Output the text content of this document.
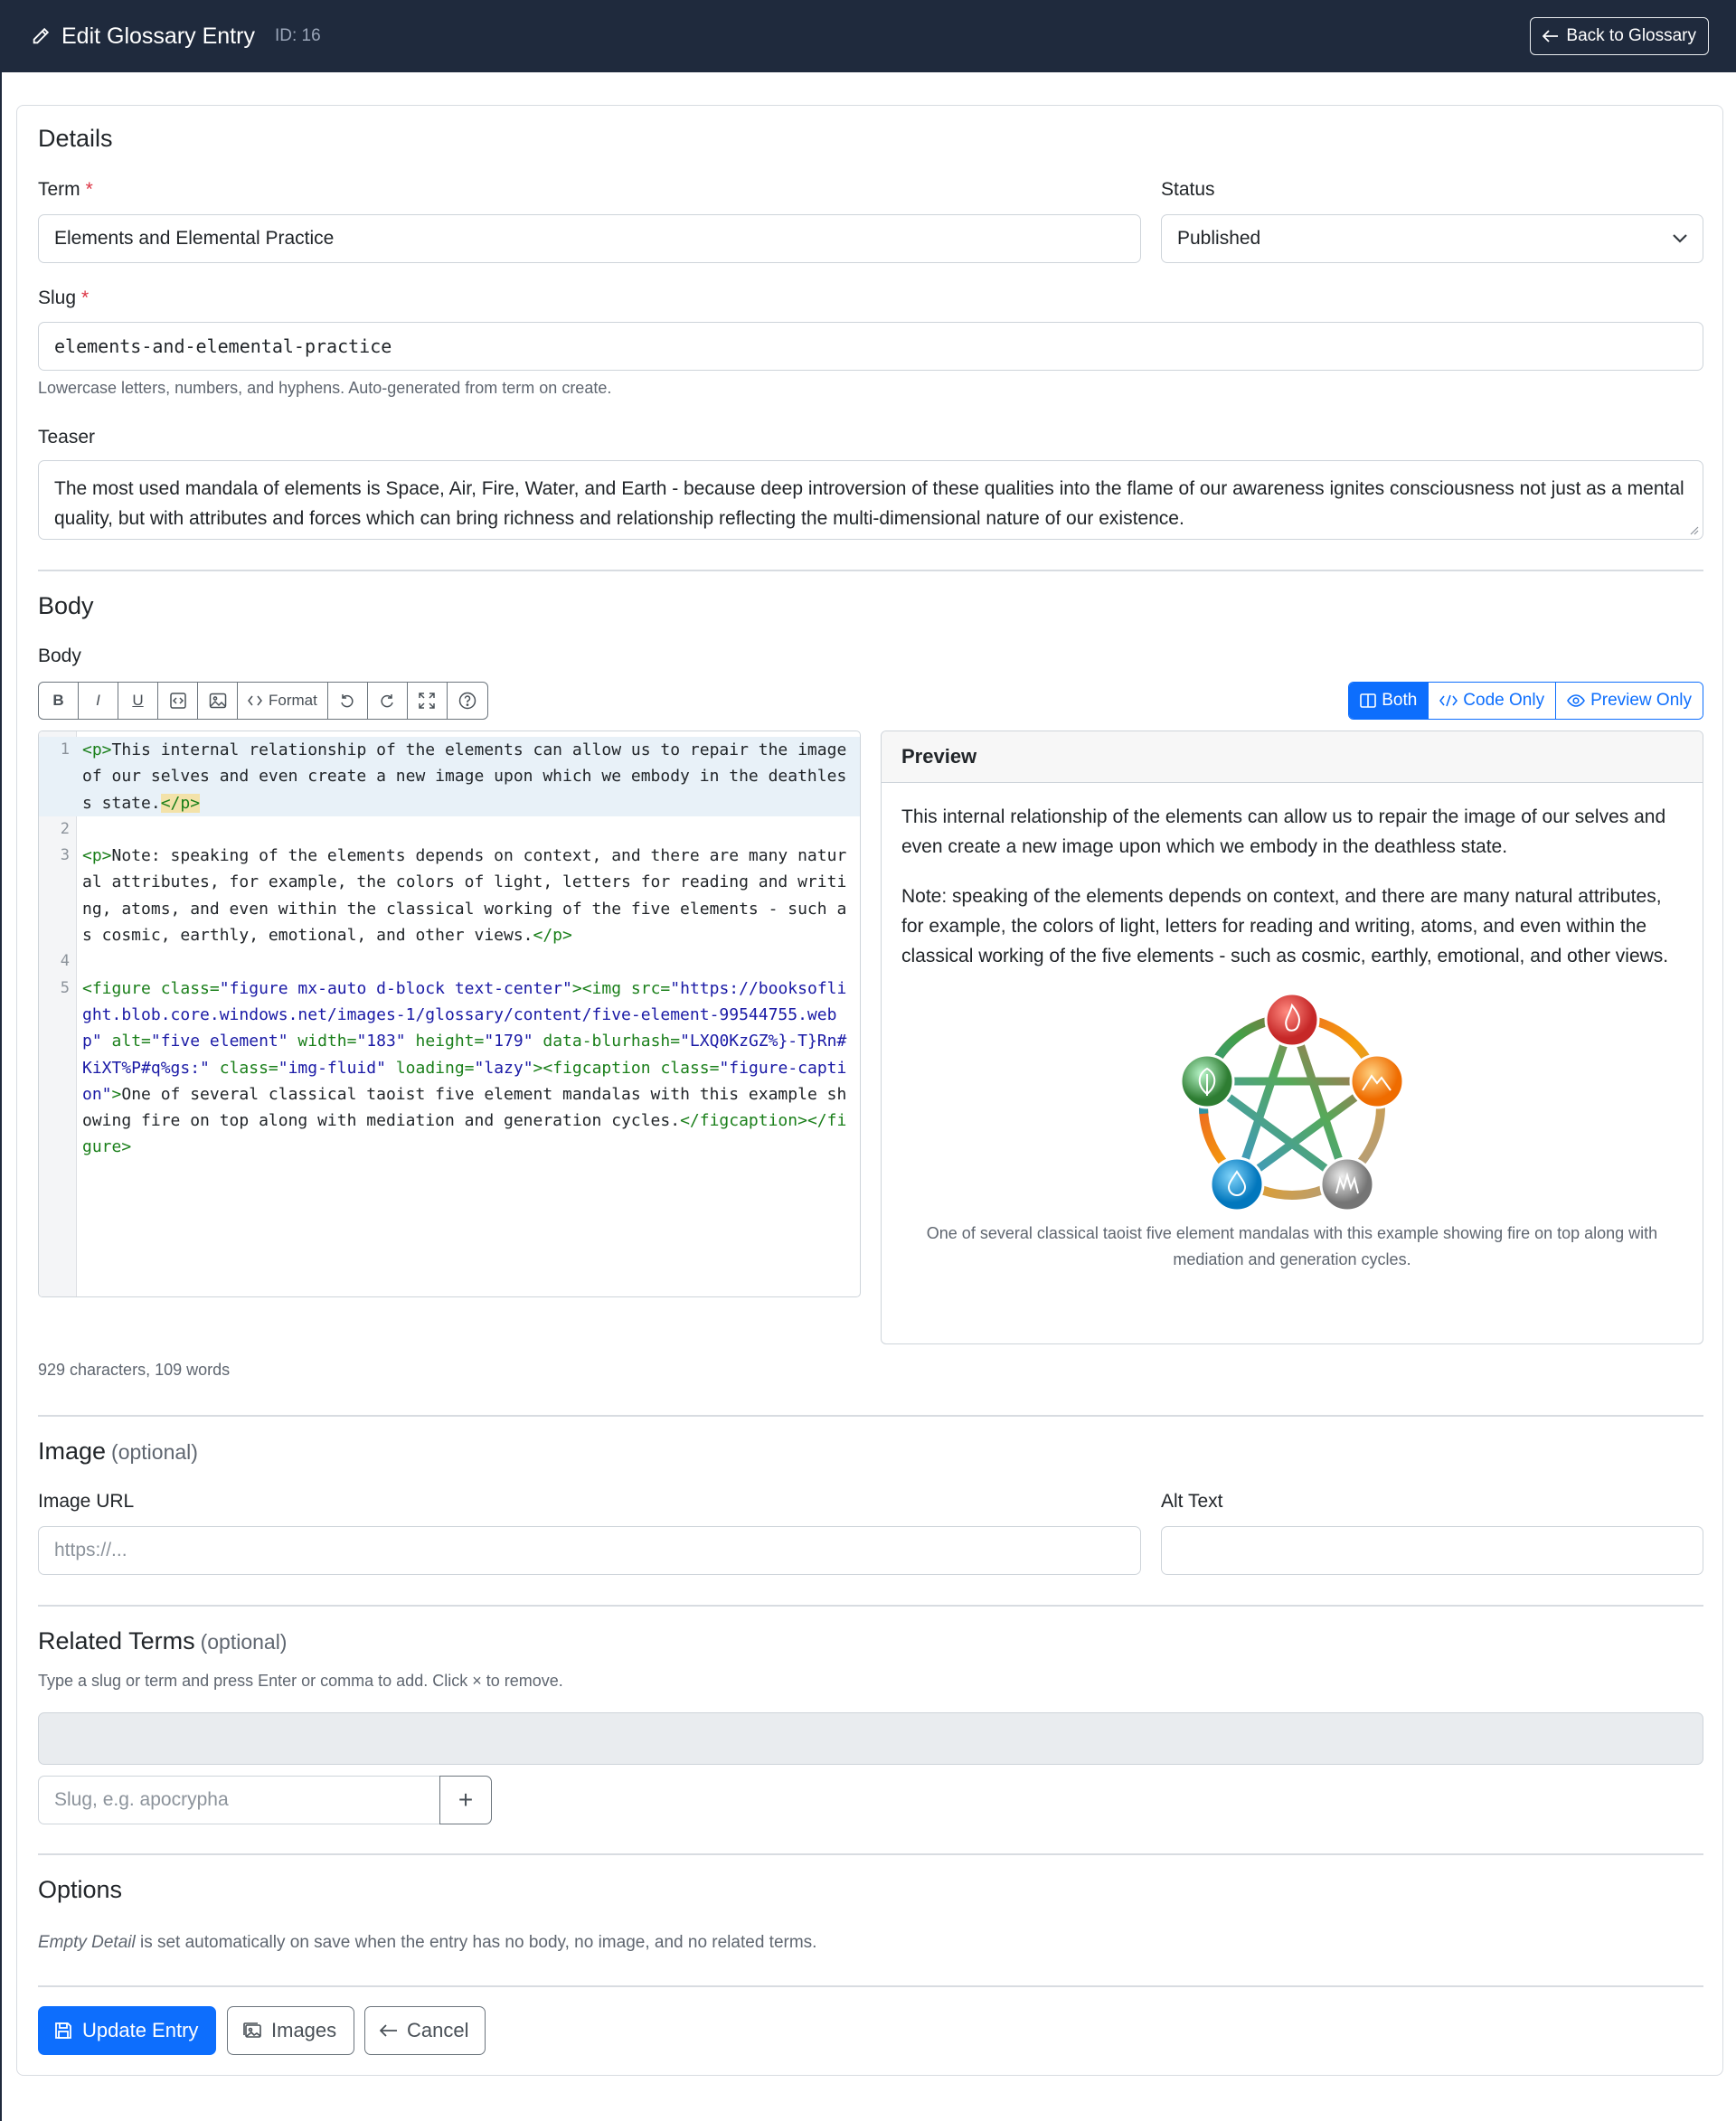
Edit Glossary Entry ID: 16	Back to Glossary
Details
Term *
Elements and Elemental Practice
Status
Published
Slug *
elements-and-elemental-practice
Lowercase letters, numbers, and hyphens. Auto-generated from term on create.
Teaser
The most used mandala of elements is Space, Air, Fire, Water, and Earth - because deep introversion of these qualities into the flame of our awareness ignites consciousness not just as a mental quality, but with attributes and forces which can bring richness and relationship reflecting the multi-dimensional nature of our existence.
Body
Body
B I U	Format	Both	Code Only	Preview Only
1 <p>This internal relationship of the elements can allow us to repair the image of our selves and even create a new image upon which we embody in the deathless state.</p>
2

3 <p>Note: speaking of the elements depends on context, and there are many natural attributes, for example, the colors of light, letters for reading and writing, atoms, and even within the classical working of the five elements - such as cosmic, earthly, emotional, and other views.</p>
4

5 <figure class="figure mx-auto d-block text-center"><img src="https://booksoflight.blob.core.windows.net/images-1/glossary/content/five-element-99544755.webp" alt="five element" width="183" height="179" data-blurhash="LXQ0KzGZ%}-T}Rn#KiXT%P#q%gs:" class="img-fluid" loading="lazy"><figcaption class="figure-caption">One of several classical taoist five element mandalas with this example showing fire on top along with mediation and generation cycles.</figcaption></figure>
Preview
This internal relationship of the elements can allow us to repair the image of our selves and even create a new image upon which we embody in the deathless state.
Note: speaking of the elements depends on context, and there are many natural attributes, for example, the colors of light, letters for reading and writing, atoms, and even within the classical working of the five elements - such as cosmic, earthly, emotional, and other views.
One of several classical taoist five element mandalas with this example showing fire on top along with mediation and generation cycles.
929 characters, 109 words
Image (optional)
Image URL
https://...
Alt Text
Related Terms (optional)
Type a slug or term and press Enter or comma to add. Click × to remove.
Slug, e.g. apocrypha	+
Options
Empty Detail is set automatically on save when the entry has no body, no image, and no related terms.
Update Entry	Images	Cancel
